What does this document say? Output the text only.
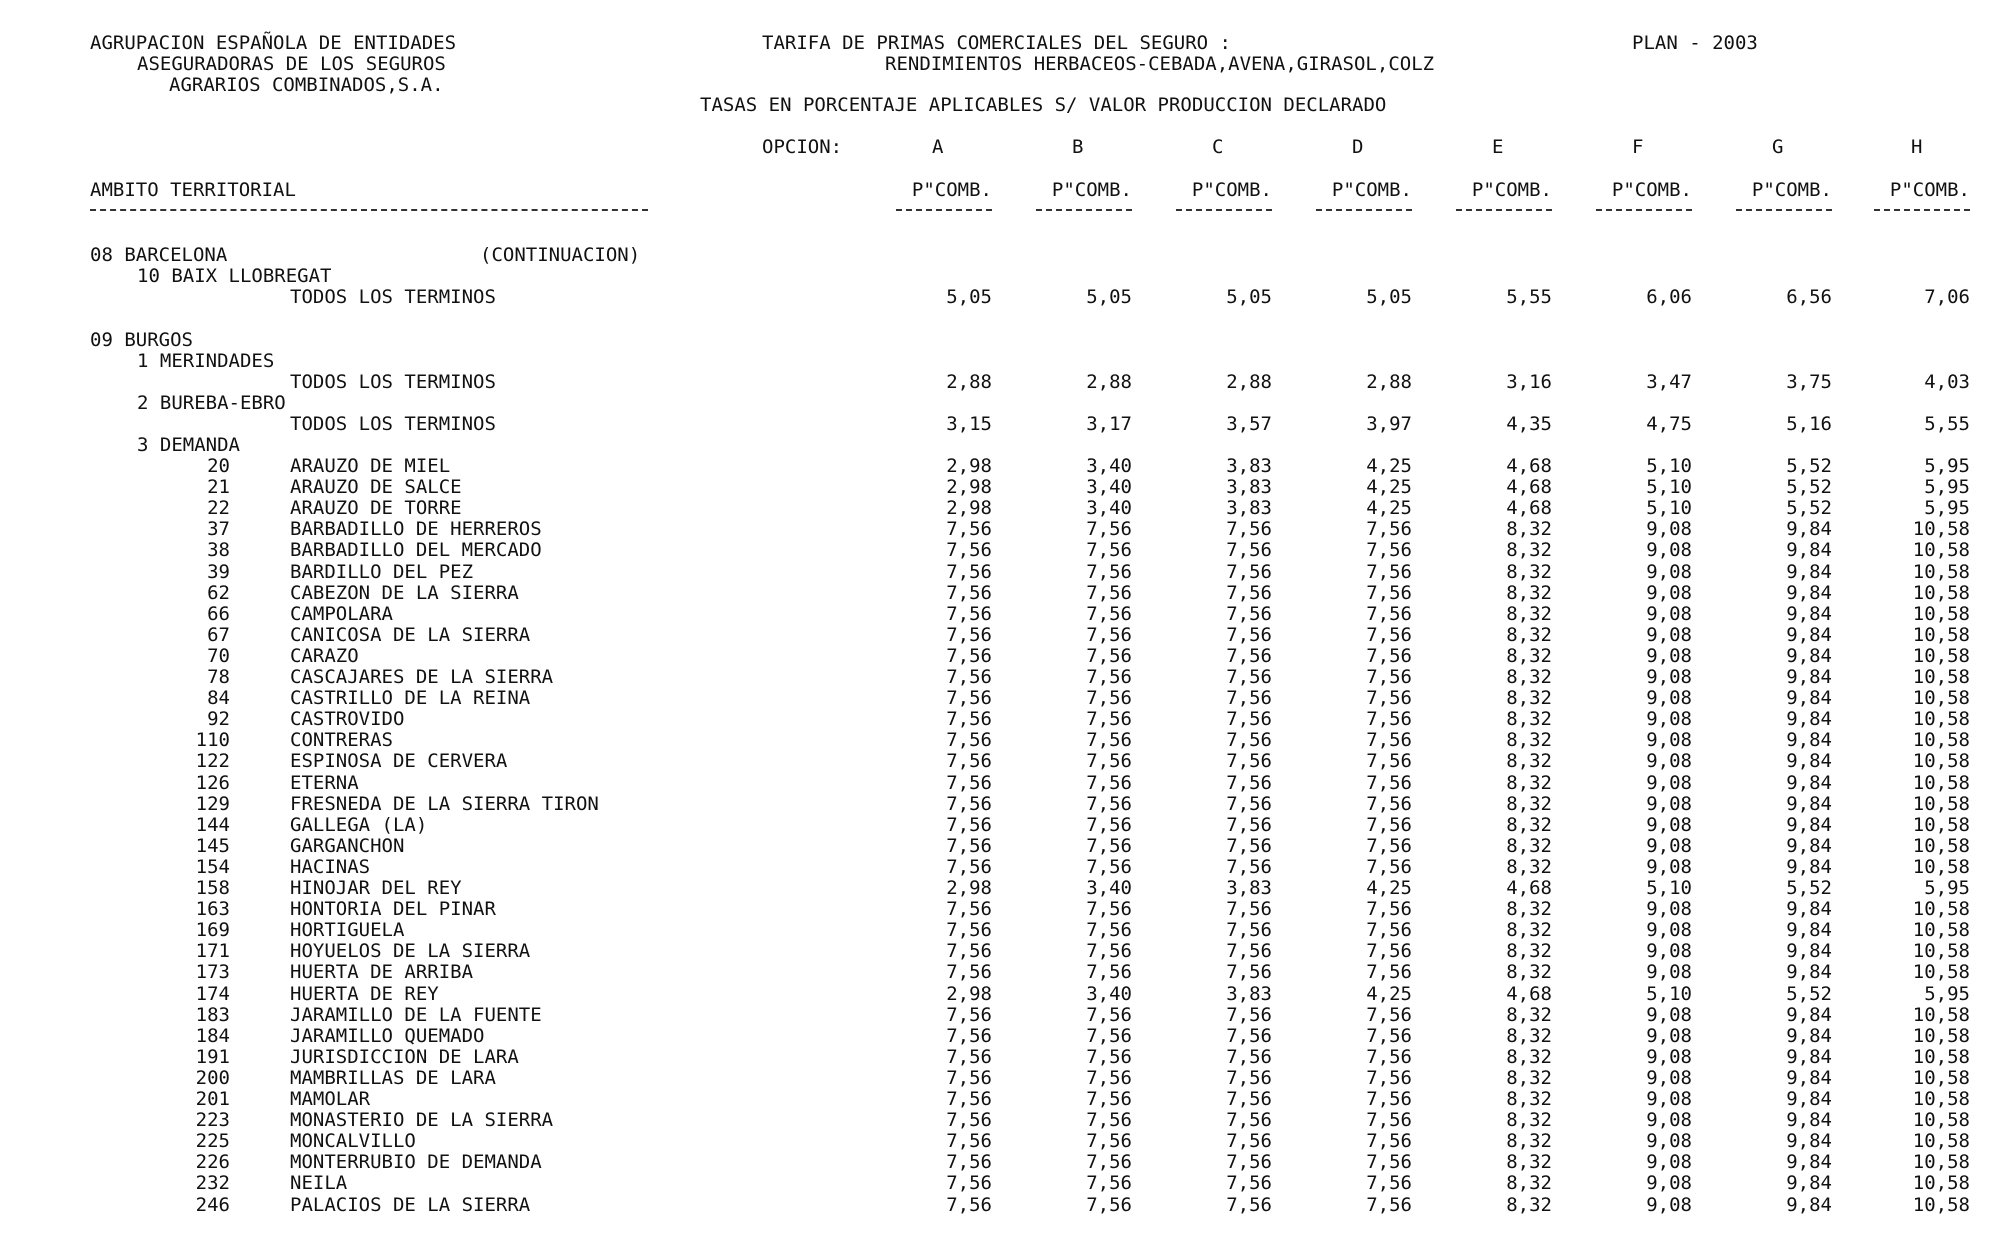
AGRUPACION ESPAÑOLA DE ENTIDADES
ASEGURADORAS DE LOS SEGUROS
AGRARIOS COMBINADOS,S.A.
TARIFA DE PRIMAS COMERCIALES DEL SEGURO :
RENDIMIENTOS HERBACEOS-CEBADA,AVENA,GIRASOL,COLZ
PLAN - 2003
TASAS EN PORCENTAJE APLICABLES S/ VALOR PRODUCCION DECLARADO
OPCION:	A	B	C	D	E	F	G	H
AMBITO TERRITORIAL	P"COMB.	P"COMB.	P"COMB.	P"COMB.	P"COMB.	P"COMB.	P"COMB.	P"COMB.
08 BARCELONA	(CONTINUACION)
10 BAIX LLOBREGAT
TODOS LOS TERMINOS	5,05	5,05	5,05	5,05	5,55	6,06	6,56	7,06
09 BURGOS
1 MERINDADES
TODOS LOS TERMINOS	2,88	2,88	2,88	2,88	3,16	3,47	3,75	4,03
2 BUREBA-EBRO
TODOS LOS TERMINOS	3,15	3,17	3,57	3,97	4,35	4,75	5,16	5,55
3 DEMANDA
20	ARAUZO DE MIEL	2,98	3,40	3,83	4,25	4,68	5,10	5,52	5,95
21	ARAUZO DE SALCE	2,98	3,40	3,83	4,25	4,68	5,10	5,52	5,95
22	ARAUZO DE TORRE	2,98	3,40	3,83	4,25	4,68	5,10	5,52	5,95
37	BARBADILLO DE HERREROS	7,56	7,56	7,56	7,56	8,32	9,08	9,84	10,58
38	BARBADILLO DEL MERCADO	7,56	7,56	7,56	7,56	8,32	9,08	9,84	10,58
39	BARDILLO DEL PEZ	7,56	7,56	7,56	7,56	8,32	9,08	9,84	10,58
62	CABEZON DE LA SIERRA	7,56	7,56	7,56	7,56	8,32	9,08	9,84	10,58
66	CAMPOLARA	7,56	7,56	7,56	7,56	8,32	9,08	9,84	10,58
67	CANICOSA DE LA SIERRA	7,56	7,56	7,56	7,56	8,32	9,08	9,84	10,58
70	CARAZO	7,56	7,56	7,56	7,56	8,32	9,08	9,84	10,58
78	CASCAJARES DE LA SIERRA	7,56	7,56	7,56	7,56	8,32	9,08	9,84	10,58
84	CASTRILLO DE LA REINA	7,56	7,56	7,56	7,56	8,32	9,08	9,84	10,58
92	CASTROVIDO	7,56	7,56	7,56	7,56	8,32	9,08	9,84	10,58
110	CONTRERAS	7,56	7,56	7,56	7,56	8,32	9,08	9,84	10,58
122	ESPINOSA DE CERVERA	7,56	7,56	7,56	7,56	8,32	9,08	9,84	10,58
126	ETERNA	7,56	7,56	7,56	7,56	8,32	9,08	9,84	10,58
129	FRESNEDA DE LA SIERRA TIRON	7,56	7,56	7,56	7,56	8,32	9,08	9,84	10,58
144	GALLEGA (LA)	7,56	7,56	7,56	7,56	8,32	9,08	9,84	10,58
145	GARGANCHON	7,56	7,56	7,56	7,56	8,32	9,08	9,84	10,58
154	HACINAS	7,56	7,56	7,56	7,56	8,32	9,08	9,84	10,58
158	HINOJAR DEL REY	2,98	3,40	3,83	4,25	4,68	5,10	5,52	5,95
163	HONTORIA DEL PINAR	7,56	7,56	7,56	7,56	8,32	9,08	9,84	10,58
169	HORTIGUELA	7,56	7,56	7,56	7,56	8,32	9,08	9,84	10,58
171	HOYUELOS DE LA SIERRA	7,56	7,56	7,56	7,56	8,32	9,08	9,84	10,58
173	HUERTA DE ARRIBA	7,56	7,56	7,56	7,56	8,32	9,08	9,84	10,58
174	HUERTA DE REY	2,98	3,40	3,83	4,25	4,68	5,10	5,52	5,95
183	JARAMILLO DE LA FUENTE	7,56	7,56	7,56	7,56	8,32	9,08	9,84	10,58
184	JARAMILLO QUEMADO	7,56	7,56	7,56	7,56	8,32	9,08	9,84	10,58
191	JURISDICCION DE LARA	7,56	7,56	7,56	7,56	8,32	9,08	9,84	10,58
200	MAMBRILLAS DE LARA	7,56	7,56	7,56	7,56	8,32	9,08	9,84	10,58
201	MAMOLAR	7,56	7,56	7,56	7,56	8,32	9,08	9,84	10,58
223	MONASTERIO DE LA SIERRA	7,56	7,56	7,56	7,56	8,32	9,08	9,84	10,58
225	MONCALVILLO	7,56	7,56	7,56	7,56	8,32	9,08	9,84	10,58
226	MONTERRUBIO DE DEMANDA	7,56	7,56	7,56	7,56	8,32	9,08	9,84	10,58
232	NEILA	7,56	7,56	7,56	7,56	8,32	9,08	9,84	10,58
246	PALACIOS DE LA SIERRA	7,56	7,56	7,56	7,56	8,32	9,08	9,84	10,58
